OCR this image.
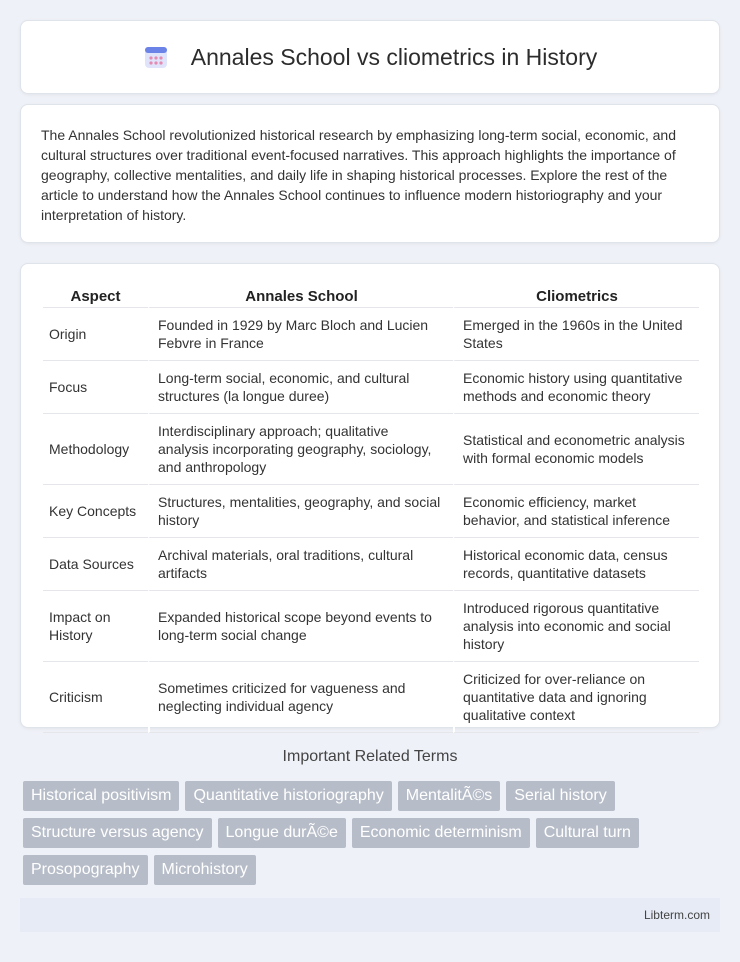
Annales School vs cliometrics in History

The Annales School revolutionized historical research by emphasizing long-term social, economic, and cultural structures over traditional event-focused narratives. This approach highlights the importance of geography, collective mentalities, and daily life in shaping historical processes. Explore the rest of the article to understand how the Annales School continues to influence modern historiography and your interpretation of history.

Aspect	Annales School	Cliometrics
Origin	Founded in 1929 by Marc Bloch and Lucien Febvre in France	Emerged in the 1960s in the United States
Focus	Long-term social, economic, and cultural structures (la longue duree)	Economic history using quantitative methods and economic theory
Methodology	Interdisciplinary approach; qualitative analysis incorporating geography, sociology, and anthropology	Statistical and econometric analysis with formal economic models
Key Concepts	Structures, mentalities, geography, and social history	Economic efficiency, market behavior, and statistical inference
Data Sources	Archival materials, oral traditions, cultural artifacts	Historical economic data, census records, quantitative datasets
Impact on History	Expanded historical scope beyond events to long-term social change	Introduced rigorous quantitative analysis into economic and social history
Criticism	Sometimes criticized for vagueness and neglecting individual agency	Criticized for over-reliance on quantitative data and ignoring qualitative context
Important Related Terms
Historical positivism	Quantitative historiography	MentalitÃ©s	Serial history
Structure versus agency	Longue durÃ©e	Economic determinism	Cultural turn
Prosopography	Microhistory
Libterm.com
